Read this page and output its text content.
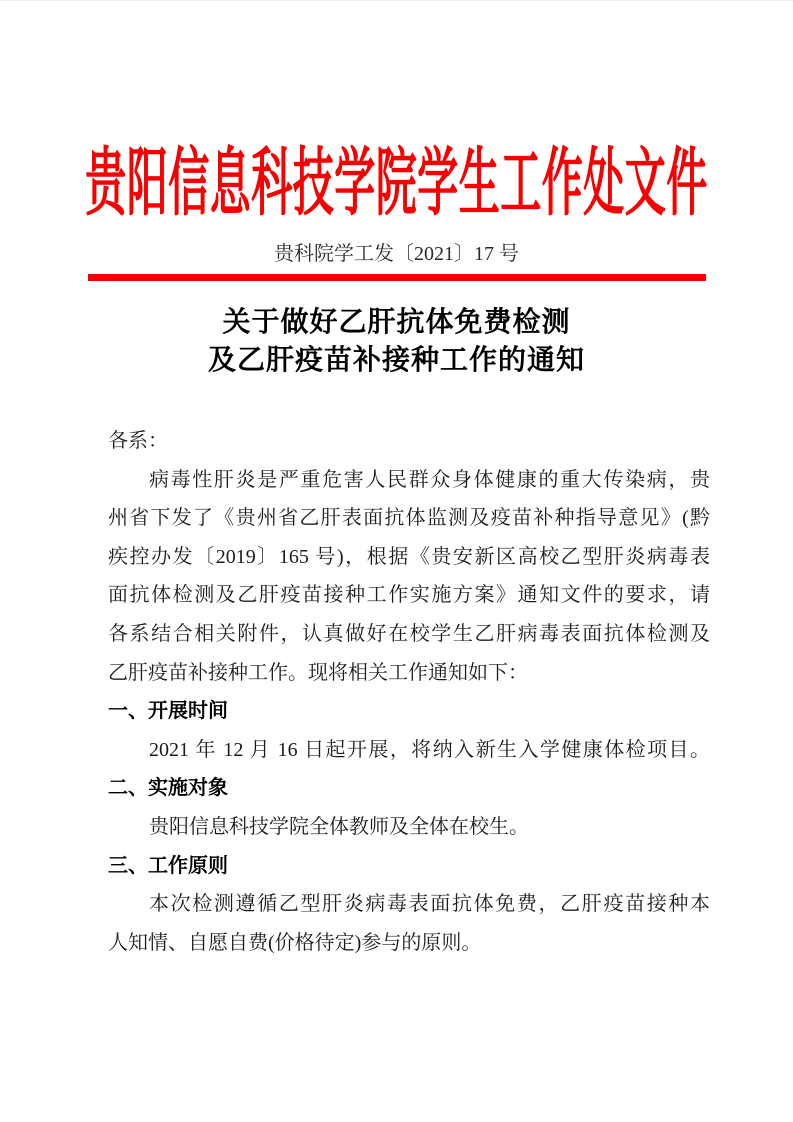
贵阳信息科技学院学生工作处文件
贵科院学工发〔2021〕17 号
关于做好乙肝抗体免费检测
及乙肝疫苗补接种工作的通知
各系：
病毒性肝炎是严重危害人民群众身体健康的重大传染病，贵
州省下发了《贵州省乙肝表面抗体监测及疫苗补种指导意见》(黔
疾控办发〔2019〕165 号)，根据《贵安新区高校乙型肝炎病毒表
面抗体检测及乙肝疫苗接种工作实施方案》通知文件的要求，请
各系结合相关附件，认真做好在校学生乙肝病毒表面抗体检测及
乙肝疫苗补接种工作。现将相关工作通知如下：
一、开展时间
2021 年 12 月 16 日起开展，将纳入新生入学健康体检项目。
二、实施对象
贵阳信息科技学院全体教师及全体在校生。
三、工作原则
本次检测遵循乙型肝炎病毒表面抗体免费，乙肝疫苗接种本
人知情、自愿自费(价格待定)参与的原则。
